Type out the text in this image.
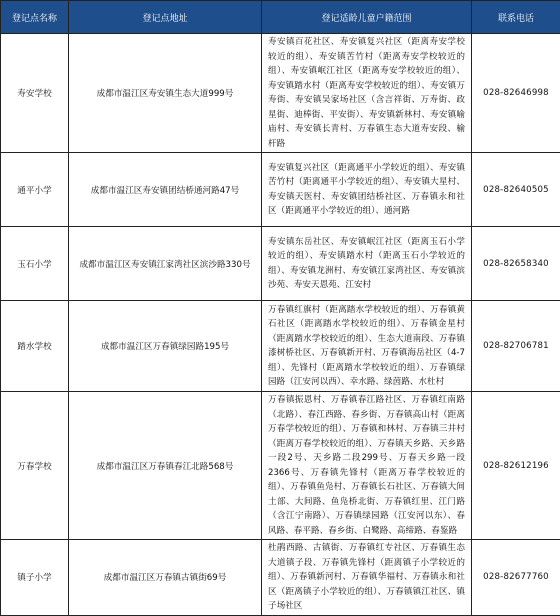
登记点名称	登记点地址	登记适龄儿童户籍范围	联系电话
寿安学校	成都市温江区寿安镇生态大道999号	寿安镇百花社区、寿安镇复兴社区（距离寿安学校较近的组）、寿安镇苦竹村（距离寿安学校较近的组）、寿安镇岷江社区（距离寿安学校较近的组）、寿安镇踏水村（距离寿安学校较近的组）、寿安镇万寿街、寿安镇吴家场社区（含言祥街、万寿街、政星街、迪棒街、平安街）、寿安镇新林村、寿安镇喻庙村、寿安镇长青村、万春镇生态大道寿安段、榆杆路	028-82646998
通平小学	成都市温江区寿安镇团结桥通河路47号	寿安镇复兴社区（距离通平小学较近的组）、寿安镇苦竹村（距离通平小学较近的组）、寿安镇大星村、寿安镇天医村、寿安镇团结桥社区、万春镇永和社区（距离通平小学较近的组）、通河路	028-82640505
玉石小学	成都市温江区寿安镇江家湾社区滨沙路330号	寿安镇东岳社区、寿安镇岷江社区（距离玉石小学较近的组）、寿安镇踏水村（距离玉石小学较近的组）、寿安镇龙洲村、寿安镇江家湾社区、寿安镇滨沙苑、寿安天恩苑、江安村	028-82658340
踏水学校	成都市温江区万春镇绿园路195号	万春镇红旗村（距离踏水学校较近的组）、万春镇黄石社区（距离踏水学校较近的组）、万春镇金星村（距离踏水学校较近的组）、生态大道南段、万春镇漆树桥社区、万春镇新开村、万春镇海岳社区（4-7组）、先锋村（距离踏水学校较近的组）、万春镇绿园路（江安河以西）、幸水路、绿茵路、水杜村	028-82706781
万春学校	成都市温江区万春镇春江北路568号	万春镇振恩村、万春镇春江路社区、万春镇红南路（北路）、春江西路、春乡街、万春镇高山村（距离万春学校较近的组）、万春镇和林村、万春镇三井村（距离万春学校较近的组）、万春镇天乡路、天乡路一段2号、天乡路二段299号、万春天乡路一段2366号、万春镇先锋村（距离万春学校较近的组）、万春镇鱼凫村、万春镇长石社区、万春镇大间土部、大间路、鱼凫桥北街、万春镇红里、江门路（含江宁南路）、万春镇绿园路（江安河以东）、春风路、春平路、春乡街、白鹭路、高缔路、春鉴路	028-82612196
镇子小学	成都市温江区万春镇古镇街69号	杜鹃西路、古镇街、万春镇红专社区、万春镇生态大道镇子段、万春镇先锋村（距离镇子小学较近的组）、万春镇新河村、万春镇华福村、万春镇永和社区（距离镇子小学较近的组）、万春镇镇江社区、镇子场社区	028-82677760
